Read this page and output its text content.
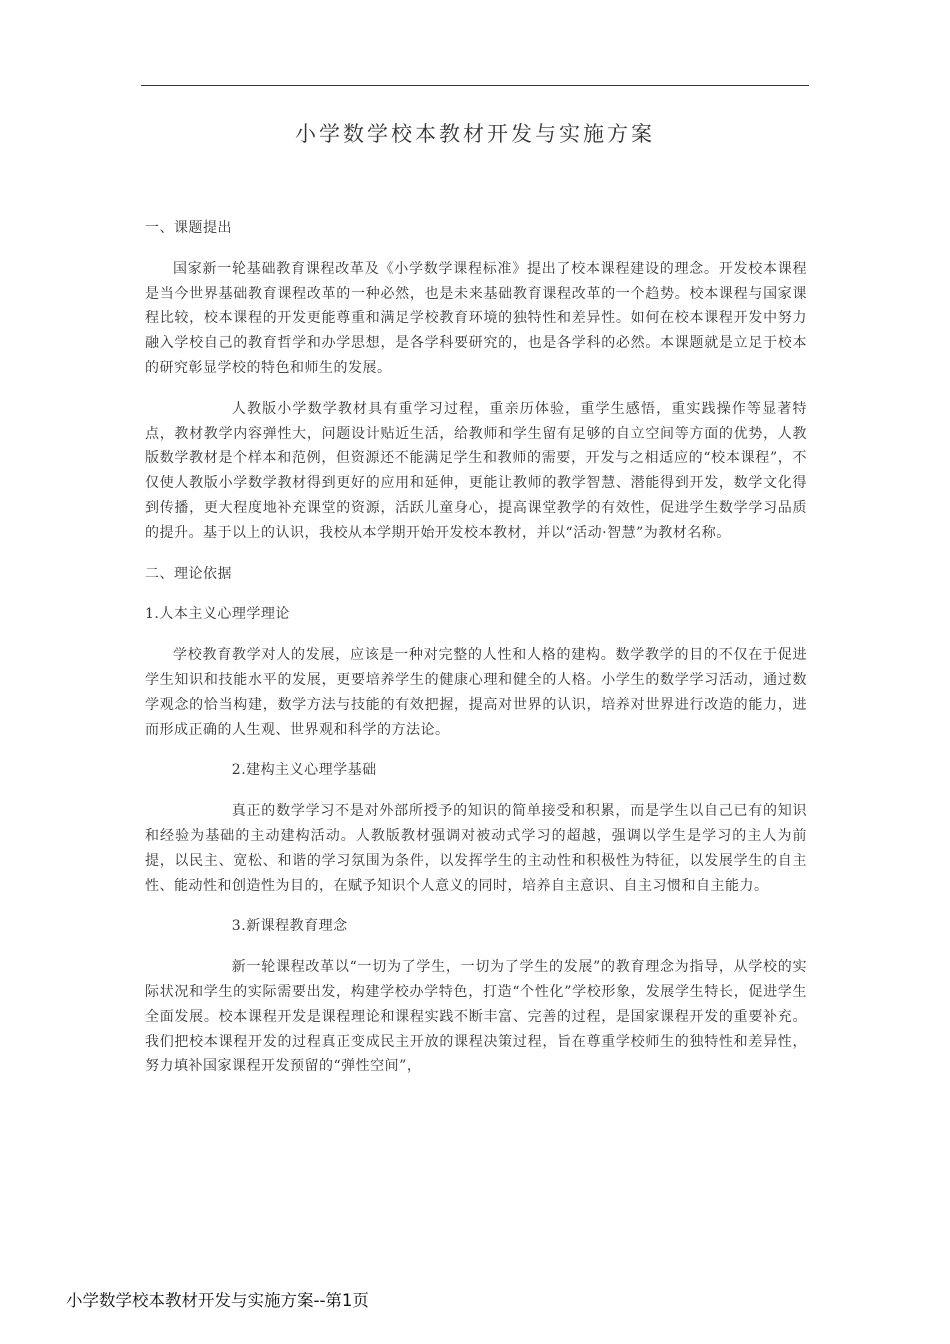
小学数学校本教材开发与实施方案

一、课题提出

国家新一轮基础教育课程改革及《小学数学课程标准》提出了校本课程建设的理念。开发校本课程是当今世界基础教育课程改革的一种必然，也是未来基础教育课程改革的一个趋势。校本课程与国家课程比较，校本课程的开发更能尊重和满足学校教育环境的独特性和差异性。如何在校本课程开发中努力融入学校自己的教育哲学和办学思想，是各学科要研究的，也是各学科的必然。本课题就是立足于校本的研究彰显学校的特色和师生的发展。

人教版小学数学教材具有重学习过程，重亲历体验，重学生感悟，重实践操作等显著特点，教材教学内容弹性大，问题设计贴近生活，给教师和学生留有足够的自立空间等方面的优势，人教版数学教材是个样本和范例，但资源还不能满足学生和教师的需要，开发与之相适应的“校本课程”，不仅使人教版小学数学教材得到更好的应用和延伸，更能让教师的教学智慧、潜能得到开发，数学文化得到传播，更大程度地补充课堂的资源，活跃儿童身心，提高课堂教学的有效性，促进学生数学学习品质的提升。基于以上的认识，我校从本学期开始开发校本教材，并以“活动·智慧”为教材名称。

二、理论依据

1.人本主义心理学理论

学校教育教学对人的发展，应该是一种对完整的人性和人格的建构。数学教学的目的不仅在于促进学生知识和技能水平的发展，更要培养学生的健康心理和健全的人格。小学生的数学学习活动，通过数学观念的恰当构建，数学方法与技能的有效把握，提高对世界的认识，培养对世界进行改造的能力，进而形成正确的人生观、世界观和科学的方法论。

2.建构主义心理学基础

真正的数学学习不是对外部所授予的知识的简单接受和积累，而是学生以自己已有的知识和经验为基础的主动建构活动。人教版教材强调对被动式学习的超越，强调以学生是学习的主人为前提，以民主、宽松、和谐的学习氛围为条件，以发挥学生的主动性和积极性为特征，以发展学生的自主性、能动性和创造性为目的，在赋予知识个人意义的同时，培养自主意识、自主习惯和自主能力。

3.新课程教育理念

新一轮课程改革以“一切为了学生，一切为了学生的发展”的教育理念为指导，从学校的实际状况和学生的实际需要出发，构建学校办学特色，打造“个性化”学校形象，发展学生特长，促进学生全面发展。校本课程开发是课程理论和课程实践不断丰富、完善的过程，是国家课程开发的重要补充。我们把校本课程开发的过程真正变成民主开放的课程决策过程，旨在尊重学校师生的独特性和差异性，努力填补国家课程开发预留的“弹性空间”，

小学数学校本教材开发与实施方案--第1页
